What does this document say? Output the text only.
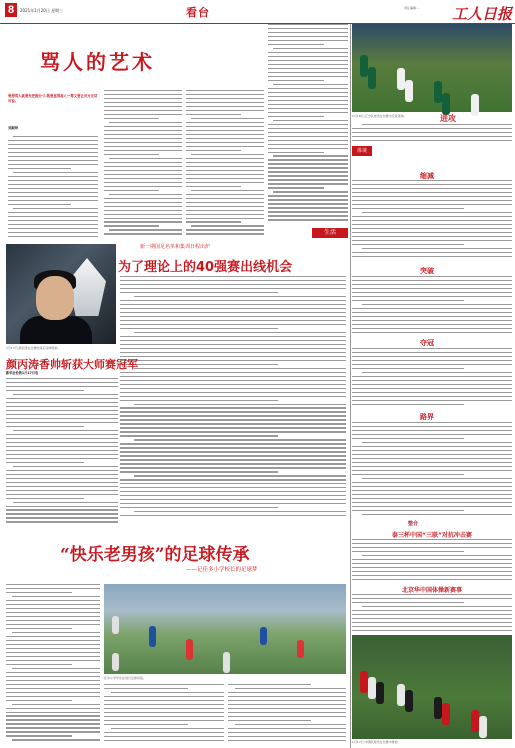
8	2021年1月20日 星期三	看台	责任编辑:...	工人日报
骂人的艺术
要想骂人就要先把握分寸,既要显得高人一筹又要让对方无话可说。
刘淑珍
生活
1月17日,颜丙涛在比赛结束后亲吻奖杯。
新一期国足名单和集训日程出炉
为了理论上的40强赛出线机会
颜丙涛香帅斩获大师赛冠军
新华社伦敦1月17日电
“快乐老男孩”的足球传承
——记佳多小学校长的足球梦
佳多小学学生在进行足球训练。
1月18日,辽宁队球员在比赛中庆祝进球。	进攻
体谈
缩减
突破
夺冠
路界
整合
泰三杯中国“三联”对抗冲击赛
北京华中国体操新赛事
1月17日,中国队球员在比赛中拼抢。
